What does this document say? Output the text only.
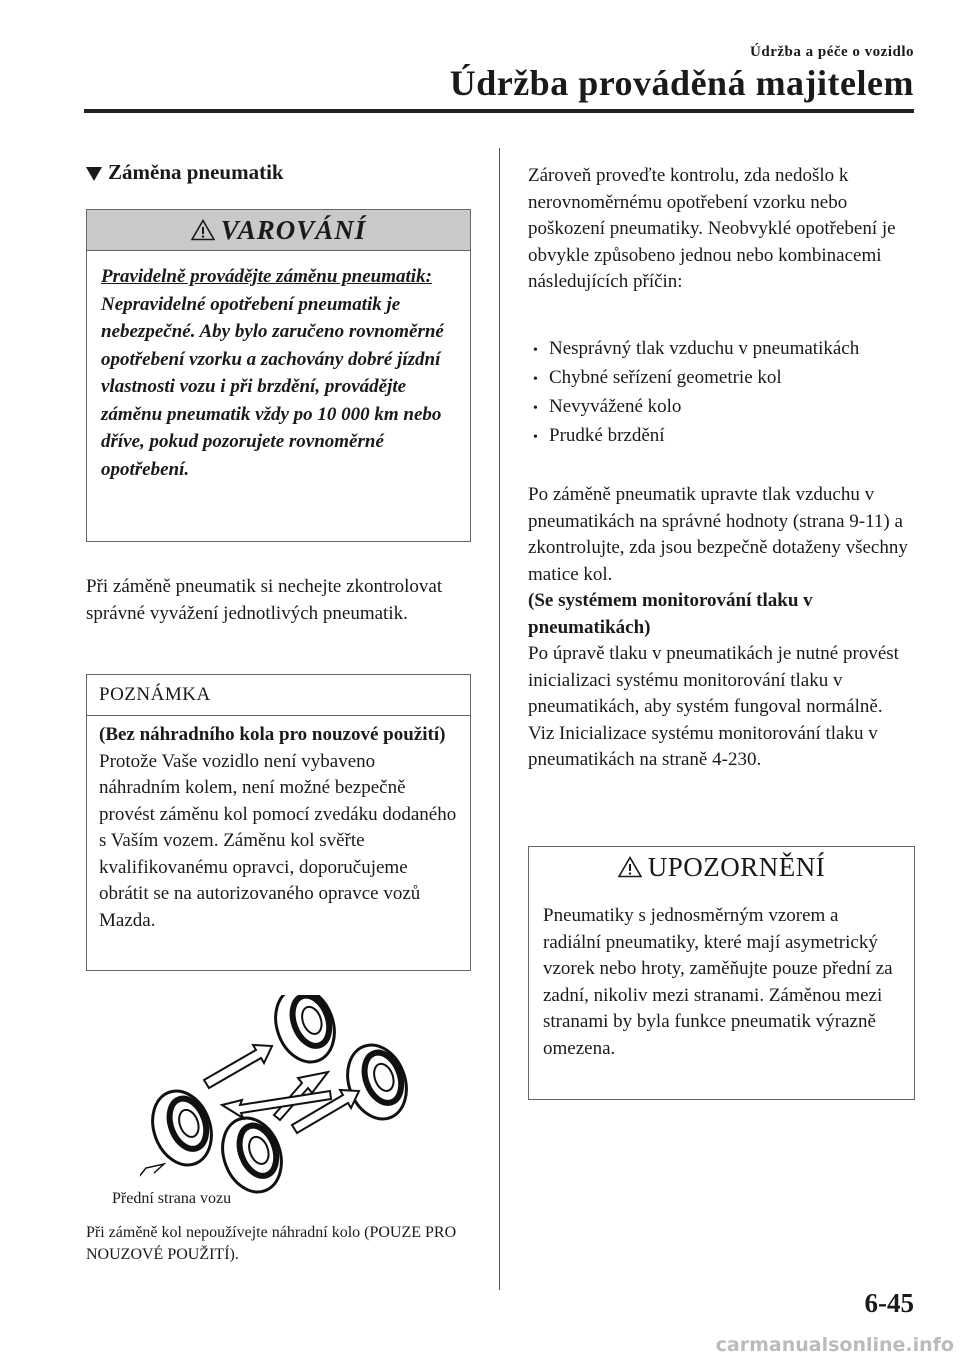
Údržba a péče o vozidlo
Údržba prováděná majitelem
Záměna pneumatik
VAROVÁNÍ
Pravidelně provádějte záměnu pneumatik:
Nepravidelné opotřebení pneumatik je nebezpečné. Aby bylo zaručeno rovnoměrné opotřebení vzorku a zachovány dobré jízdní vlastnosti vozu i při brzdění, provádějte záměnu pneumatik vždy po 10 000 km nebo dříve, pokud pozorujete rovnoměrné opotřebení.
Při záměně pneumatik si nechejte zkontrolovat správné vyvážení jednotlivých pneumatik.
POZNÁMKA
(Bez náhradního kola pro nouzové použití)
Protože Vaše vozidlo není vybaveno náhradním kolem, není možné bezpečně provést záměnu kol pomocí zvedáku dodaného s Vaším vozem. Záměnu kol svěřte kvalifikovanému opravci, doporučujeme obrátit se na autorizovaného opravce vozů Mazda.
Přední strana vozu
Při záměně kol nepoužívejte náhradní kolo (POUZE PRO NOUZOVÉ POUŽITÍ).
Zároveň proveďte kontrolu, zda nedošlo k nerovnoměrnému opotřebení vzorku nebo poškození pneumatiky. Neobvyklé opotřebení je obvykle způsobeno jednou nebo kombinacemi následujících příčin:
• Nesprávný tlak vzduchu v pneumatikách
• Chybné seřízení geometrie kol
• Nevyvážené kolo
• Prudké brzdění
Po záměně pneumatik upravte tlak vzduchu v pneumatikách na správné hodnoty (strana 9-11) a zkontrolujte, zda jsou bezpečně dotaženy všechny matice kol.
(Se systémem monitorování tlaku v pneumatikách)
Po úpravě tlaku v pneumatikách je nutné provést inicializaci systému monitorování tlaku v pneumatikách, aby systém fungoval normálně.
Viz Inicializace systému monitorování tlaku v pneumatikách na straně 4-230.
UPOZORNĚNÍ
Pneumatiky s jednosměrným vzorem a radiální pneumatiky, které mají asymetrický vzorek nebo hroty, zaměňujte pouze přední za zadní, nikoliv mezi stranami. Záměnou mezi stranami by byla funkce pneumatik výrazně omezena.
6-45
carmanualsonline.info
